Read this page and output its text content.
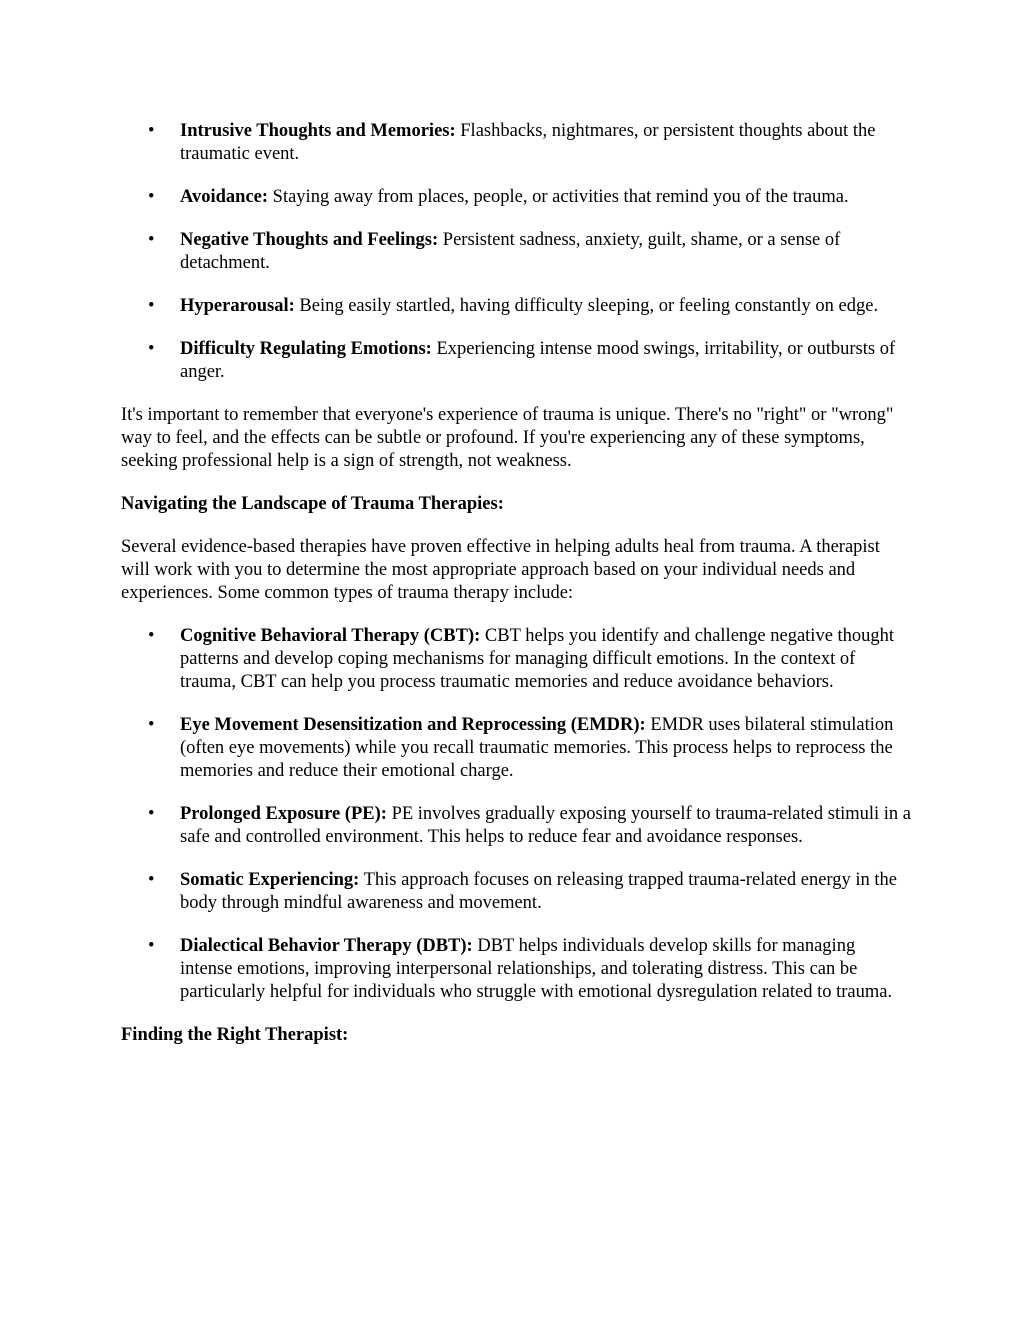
• Intrusive Thoughts and Memories: Flashbacks, nightmares, or persistent thoughts about the traumatic event.
• Avoidance: Staying away from places, people, or activities that remind you of the trauma.
• Negative Thoughts and Feelings: Persistent sadness, anxiety, guilt, shame, or a sense of detachment.
• Hyperarousal: Being easily startled, having difficulty sleeping, or feeling constantly on edge.
• Difficulty Regulating Emotions: Experiencing intense mood swings, irritability, or outbursts of anger.

It's important to remember that everyone's experience of trauma is unique. There's no "right" or "wrong" way to feel, and the effects can be subtle or profound. If you're experiencing any of these symptoms, seeking professional help is a sign of strength, not weakness.

Navigating the Landscape of Trauma Therapies:

Several evidence-based therapies have proven effective in helping adults heal from trauma. A therapist will work with you to determine the most appropriate approach based on your individual needs and experiences. Some common types of trauma therapy include:

• Cognitive Behavioral Therapy (CBT): CBT helps you identify and challenge negative thought patterns and develop coping mechanisms for managing difficult emotions. In the context of trauma, CBT can help you process traumatic memories and reduce avoidance behaviors.
• Eye Movement Desensitization and Reprocessing (EMDR): EMDR uses bilateral stimulation (often eye movements) while you recall traumatic memories. This process helps to reprocess the memories and reduce their emotional charge.
• Prolonged Exposure (PE): PE involves gradually exposing yourself to trauma-related stimuli in a safe and controlled environment. This helps to reduce fear and avoidance responses.
• Somatic Experiencing: This approach focuses on releasing trapped trauma-related energy in the body through mindful awareness and movement.
• Dialectical Behavior Therapy (DBT): DBT helps individuals develop skills for managing intense emotions, improving interpersonal relationships, and tolerating distress. This can be particularly helpful for individuals who struggle with emotional dysregulation related to trauma.
Finding the Right Therapist:
